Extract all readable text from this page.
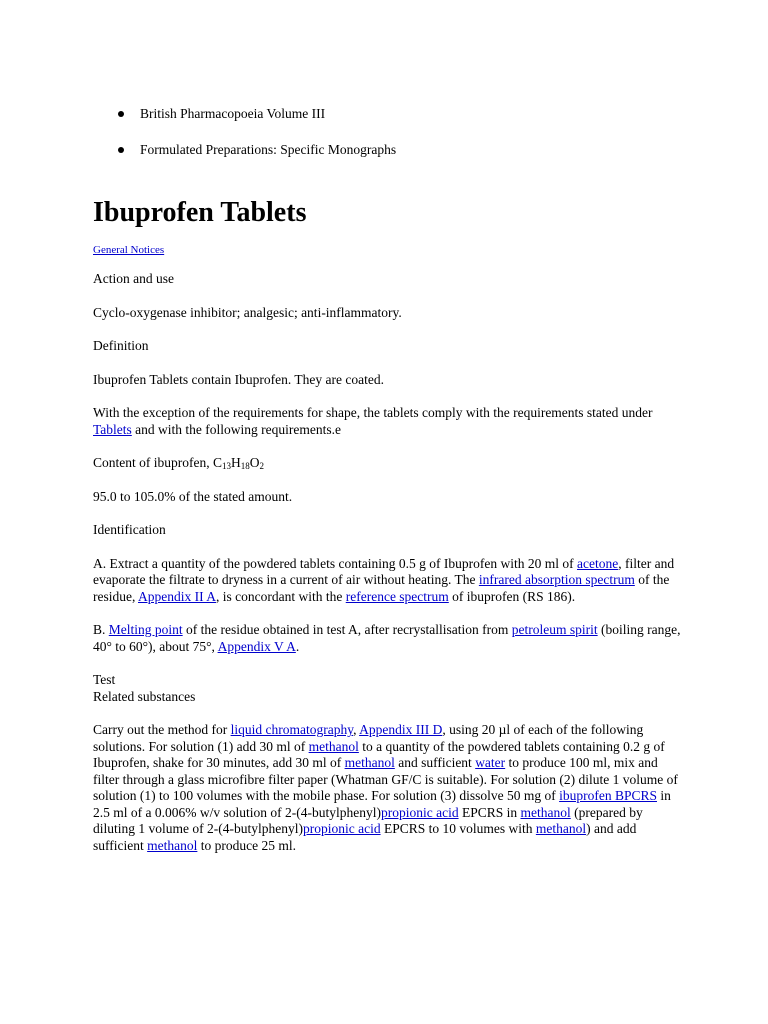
British Pharmacopoeia Volume III
Formulated Preparations: Specific Monographs
Ibuprofen Tablets

General Notices

Action and use

Cyclo-oxygenase inhibitor; analgesic; anti-inflammatory.

Definition

Ibuprofen Tablets contain Ibuprofen. They are coated.

With the exception of the requirements for shape, the tablets comply with the requirements stated under Tablets and with the following requirements.e

Content of ibuprofen, $C_{13}H_{18}O_2$

95.0 to 105.0% of the stated amount.

Identification

A. Extract a quantity of the powdered tablets containing 0.5 g of Ibuprofen with 20 ml of acetone, filter and evaporate the filtrate to dryness in a current of air without heating. The infrared absorption spectrum of the residue, Appendix II A, is concordant with the reference spectrum of ibuprofen (RS 186).

B. Melting point of the residue obtained in test A, after recrystallisation from petroleum spirit (boiling range, 40° to 60°), about 75°, Appendix V A.

Test

Related substances

Carry out the method for liquid chromatography, Appendix III D, using 20 µl of each of the following solutions. For solution (1) add 30 ml of methanol to a quantity of the powdered tablets containing 0.2 g of Ibuprofen, shake for 30 minutes, add 30 ml of methanol and sufficient water to produce 100 ml, mix and filter through a glass microfibre filter paper (Whatman GF/C is suitable). For solution (2) dilute 1 volume of solution (1) to 100 volumes with the mobile phase. For solution (3) dissolve 50 mg of ibuprofen BPCRS in 2.5 ml of a 0.006% w/v solution of 2-(4-butylphenyl)propionic acid EPCRS in methanol (prepared by diluting 1 volume of 2-(4-butylphenyl)propionic acid EPCRS to 10 volumes with methanol) and add sufficient methanol to produce 25 ml.
